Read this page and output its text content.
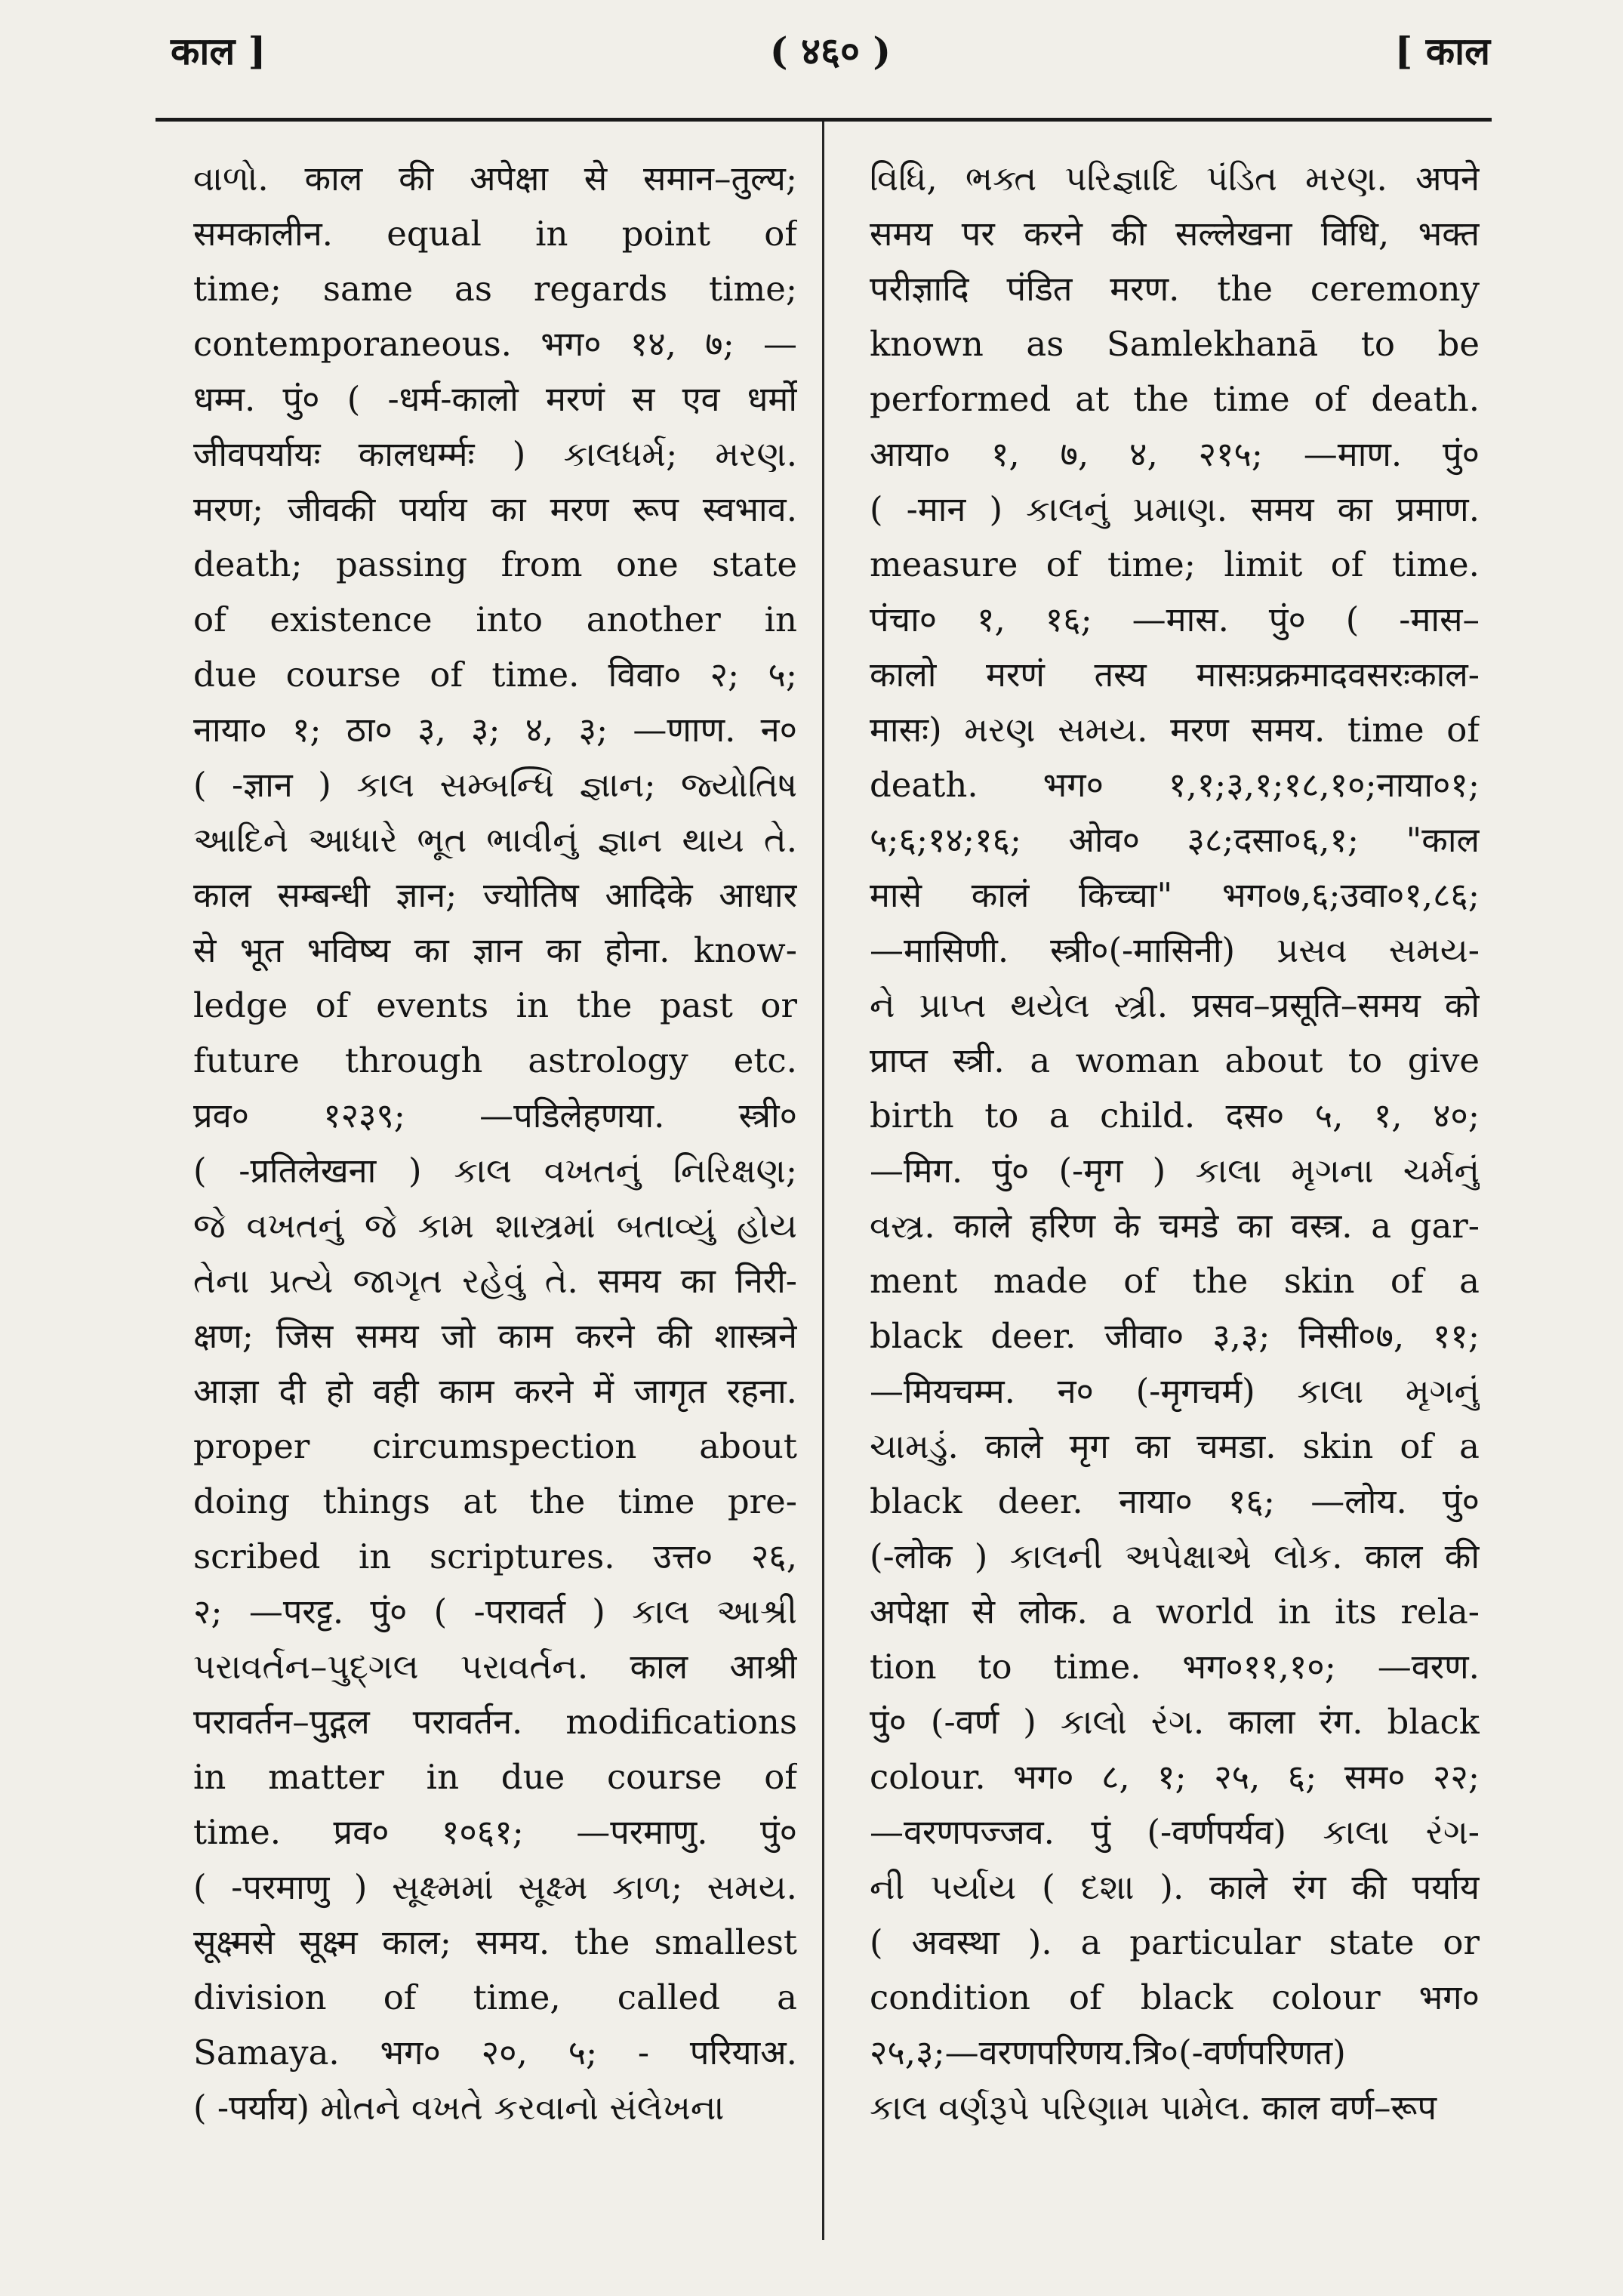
काल ]	( ४६० )	[ काल
વાળો. काल की अपेक्षा से समान–तुल्य;
समकालीन. equal in point of
time; same as regards time;
contemporaneous. भग० १४, ७; —
धम्म. पुं० ( -धर्म-कालो मरणं स एव धर्मो
जीवपर्यायः कालधर्म्मः ) કાલધર્મ; મરણ.
मरण; जीवकी पर्याय का मरण रूप स्वभाव.
death; passing from one state
of existence into another in
due course of time. विवा० २; ५;
नाया० १; ठा० ३, ३; ४, ३; —णाण. न०
( -ज्ञान ) કાલ સમ્બન્ધિ જ્ઞાન; જ્યોતિષ
આદિને આધારે ભૂત ભાવીનું જ્ઞાન થાય તે.
काल सम्बन्धी ज्ञान; ज्योतिष आदिके आधार
से भूत भविष्य का ज्ञान का होना. know-
ledge of events in the past or
future through astrology etc.
प्रव० १२३९; —पडिलेहणया. स्त्री०
( -प्रतिलेखना ) કાલ વખતનું નિરિક્ષણ;
જે વખતનું જે કામ શાસ્ત્રમાં બતાવ્યું હોય
તેના પ્રત્યે જાગૃત રહેવું તે. समय का निरी-
क्षण; जिस समय जो काम करने की शास्त्रने
आज्ञा दी हो वही काम करने में जागृत रहना.
proper circumspection about
doing things at the time pre-
scribed in scriptures. उत्त० २६,
२; —परट्ट. पुं० ( -परावर्त ) કાલ આશ્રી
પરાવર્તન–પુદ્ગલ પરાવર્તન. काल आश्री
परावर्तन–पुद्गल परावर्तन. modifications
in matter in due course of
time. प्रव० १०६१; —परमाणु. पुं०
( -परमाणु ) સૂક્ષ્મમાં સૂક્ષ્મ કાળ; સમય.
सूक्ष्मसे सूक्ष्म काल; समय. the smallest
division of time, called a
Samaya. भग० २०, ५; - परियाअ.
( -पर्याय) મોતને વખતે કરવાનો સંલેખના
વિધિ, ભક્ત પરિજ્ઞાદિ પંડિત મરણ. अपने
समय पर करने की सल्लेखना विधि, भक्त
परीज्ञादि पंडित मरण. the ceremony
known as Samlekhanā to be
performed at the time of death.
आया० १, ७, ४, २१५; —माण. पुं०
( -मान ) કાલનું પ્રમાણ. समय का प्रमाण.
measure of time; limit of time.
पंचा० १, १६; —मास. पुं० ( -मास–
कालो मरणं तस्य मासःप्रक्रमादवसरःकाल-
मासः) મરણ સમય. मरण समय. time of
death. भग० १,१;३,१;१८,१०;नाया०१;
५;६;१४;१६; ओव० ३८;दसा०६,१; "काल
मासे कालं किच्चा" भग०७,६;उवा०१,८६;
—मासिणी. स्त्री०(-मासिनी) પ્રસવ સમય-
ને પ્રાપ્ત થયેલ સ્ત્રી. प्रसव–प्रसूति–समय को
प्राप्त स्त्री. a woman about to give
birth to a child. दस० ५, १, ४०;
—मिग. पुं० (-मृग ) કાલા મૃગના ચર્મનું
વસ્ત્ર. काले हरिण के चमडे का वस्त्र. a gar-
ment made of the skin of a
black deer. जीवा० ३,३; निसी०७, ११;
—मियचम्म. न० (-मृगचर्म) કાલા મૃગનું
ચામડું. काले मृग का चमडा. skin of a
black deer. नाया० १६; —लोय. पुं०
(-लोक ) કાલની અપેક્ષાએ લોક. काल की
अपेक्षा से लोक. a world in its rela-
tion to time. भग०११,१०; —वरण.
पुं० (-वर्ण ) કાલો રંગ. काला रंग. black
colour. भग० ८, १; २५, ६; सम० २२;
—वरणपज्जव. पुं (-वर्णपर्यव) કાલા રંગ-
ની પર્યાય ( દશા ). काले रंग की पर्याय
( अवस्था ). a particular state or
condition of black colour भग०
२५,३;—वरणपरिणय.त्रि०(-वर्णपरिणत)
કાલ વર્ણરૂપે પરિણામ પામેલ. काल वर्ण–रूप
